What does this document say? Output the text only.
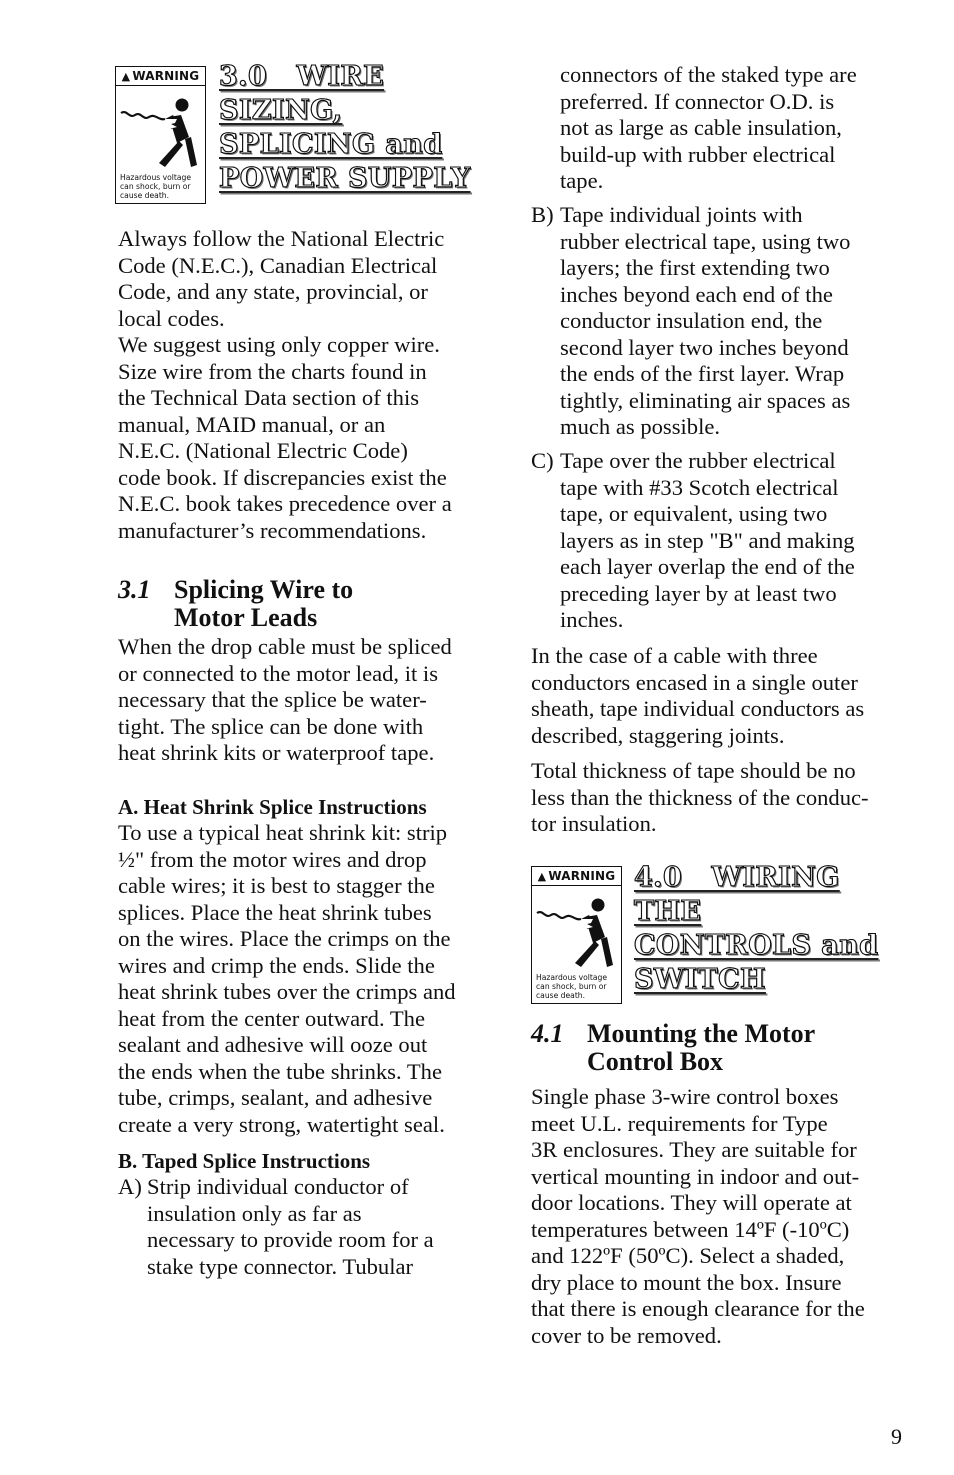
▲ WARNING
Hazardous voltage
can shock, burn or
cause death.
3.0   WIRE
SIZING,
SPLICING and
POWER SUPPLY

Always follow the National Electric

Code (N.E.C.), Canadian Electrical

Code, and any state, provincial, or

local codes.

We suggest using only copper wire.

Size wire from the charts found in

the Technical Data section of this

manual, MAID manual, or an

N.E.C. (National Electric Code)

code book. If discrepancies exist the

N.E.C. book takes precedence over a

manufacturer’s recommendations.

3.1 Splicing Wire to
Motor Leads

When the drop cable must be spliced

or connected to the motor lead, it is

necessary that the splice be water-

tight. The splice can be done with

heat shrink kits or waterproof tape.

A. Heat Shrink Splice Instructions

To use a typical heat shrink kit: strip

½" from the motor wires and drop

cable wires; it is best to stagger the

splices. Place the heat shrink tubes

on the wires. Place the crimps on the

wires and crimp the ends. Slide the

heat shrink tubes over the crimps and

heat from the center outward. The

sealant and adhesive will ooze out

the ends when the tube shrinks. The

tube, crimps, sealant, and adhesive

create a very strong, watertight seal.

B. Taped Splice Instructions
A) Strip individual conductor of

insulation only as far as

necessary to provide room for a

stake type connector. Tubular

connectors of the staked type are

preferred. If connector O.D. is

not as large as cable insulation,

build-up with rubber electrical

tape.

B) Tape individual joints with

rubber electrical tape, using two

layers; the first extending two

inches beyond each end of the

conductor insulation end, the

second layer two inches beyond

the ends of the first layer. Wrap

tightly, eliminating air spaces as

much as possible.

C) Tape over the rubber electrical

tape with #33 Scotch electrical

tape, or equivalent, using two

layers as in step "B" and making

each layer overlap the end of the

preceding layer by at least two

inches.

In the case of a cable with three

conductors encased in a single outer

sheath, tape individual conductors as

described, staggering joints.

Total thickness of tape should be no

less than the thickness of the conduc-

tor insulation.

4.1 Mounting the Motor
Control Box

Single phase 3-wire control boxes

meet U.L. requirements for Type

3R enclosures. They are suitable for

vertical mounting in indoor and out-

door locations. They will operate at

temperatures between 14ºF (-10ºC)

and 122ºF (50ºC). Select a shaded,

dry place to mount the box. Insure

that there is enough clearance for the

cover to be removed.

▲ WARNING
Hazardous voltage
can shock, burn or
cause death.
4.0   WIRING
THE
CONTROLS and
SWITCH
9
